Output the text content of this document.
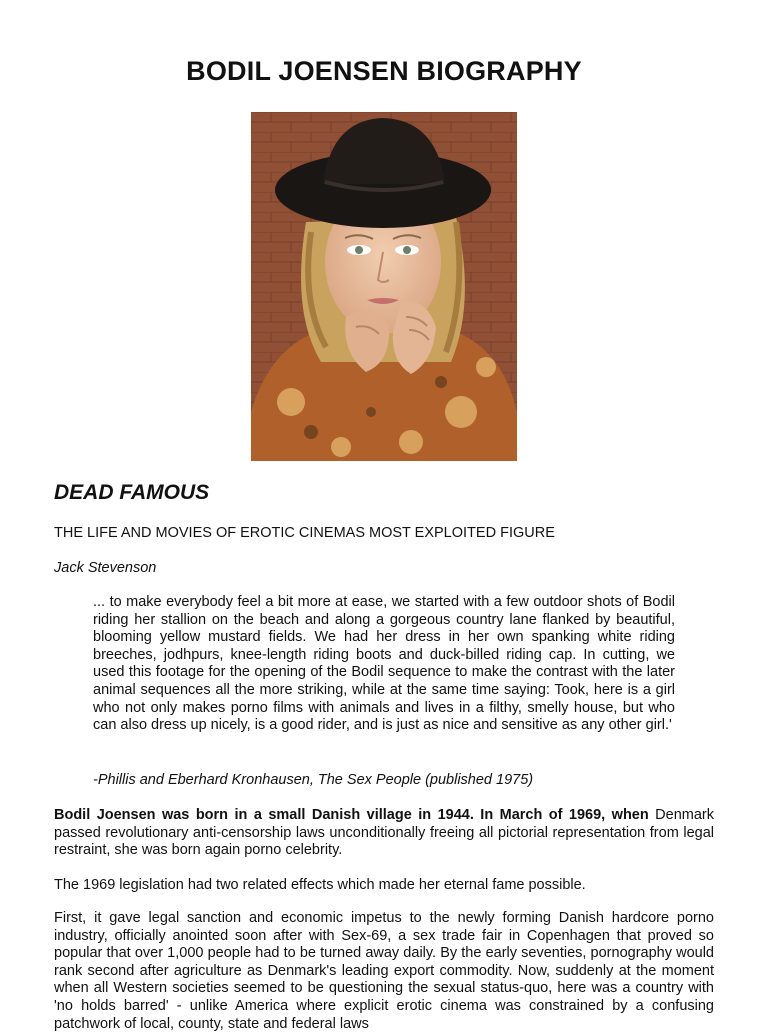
BODIL JOENSEN BIOGRAPHY
DEAD FAMOUS

THE LIFE AND MOVIES OF EROTIC CINEMAS MOST EXPLOITED FIGURE

Jack Stevenson

... to make everybody feel a bit more at ease, we started with a few outdoor shots of Bodil riding her stallion on the beach and along a gorgeous country lane flanked by beautiful, blooming yellow mustard fields. We had her dress in her own spanking white riding breeches, jodhpurs, knee-length riding boots and duck-billed riding cap. In cutting, we used this footage for the opening of the Bodil sequence to make the contrast with the later animal sequences all the more striking, while at the same time saying: Took, here is a girl who not only makes porno films with animals and lives in a filthy, smelly house, but who can also dress up nicely, is a good rider, and is just as nice and sensitive as any other girl.'

-Phillis and Eberhard Kronhausen, The Sex People (published 1975)

Bodil Joensen was born in a small Danish village in 1944. In March of 1969, when Denmark passed revolutionary anti-censorship laws unconditionally freeing all pictorial representation from legal restraint, she was born again porno celebrity.

The 1969 legislation had two related effects which made her eternal fame possible.

First, it gave legal sanction and economic impetus to the newly forming Danish hardcore porno industry, officially anointed soon after with Sex-69, a sex trade fair in Copenhagen that proved so popular that over 1,000 people had to be turned away daily. By the early seventies, pornography would rank second after agriculture as Denmark's leading export commodity. Now, suddenly at the moment when all Western societies seemed to be questioning the sexual status-quo, here was a country with 'no holds barred' - unlike America where explicit erotic cinema was constrained by a confusing patchwork of local, county, state and federal laws
